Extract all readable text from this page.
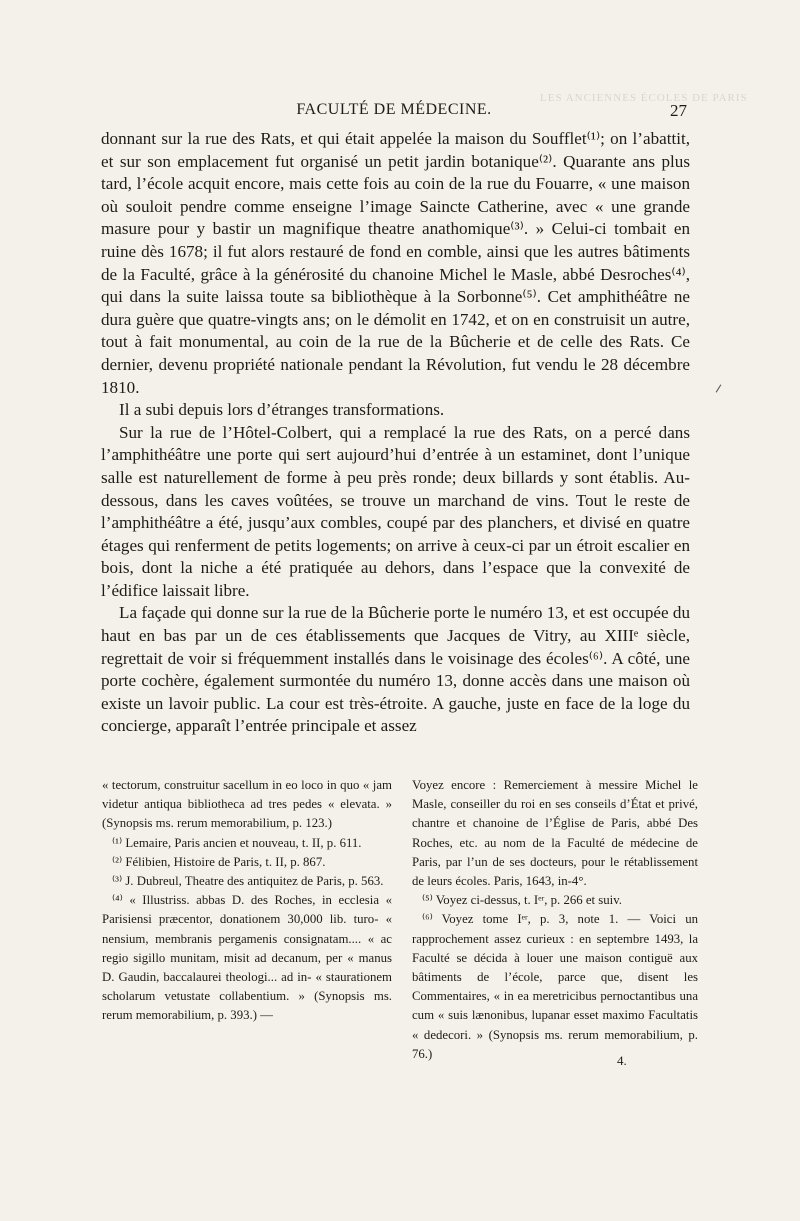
LES ANCIENNES ÉCOLES DE PARIS
FACULTÉ DE MÉDECINE.	27

donnant sur la rue des Rats, et qui était appelée la maison du Soufflet⁽¹⁾; on l’abattit, et sur son emplacement fut organisé un petit jardin botanique⁽²⁾. Quarante ans plus tard, l’école acquit encore, mais cette fois au coin de la rue du Fouarre, « une maison où souloit pendre comme enseigne l’image Saincte Catherine, avec « une grande masure pour y bastir un magnifique theatre anathomique⁽³⁾. » Celui-ci tombait en ruine dès 1678; il fut alors restauré de fond en comble, ainsi que les autres bâtiments de la Faculté, grâce à la générosité du chanoine Michel le Masle, abbé Desroches⁽⁴⁾, qui dans la suite laissa toute sa bibliothèque à la Sorbonne⁽⁵⁾. Cet amphithéâtre ne dura guère que quatre-vingts ans; on le démolit en 1742, et on en construisit un autre, tout à fait monumental, au coin de la rue de la Bûcherie et de celle des Rats. Ce dernier, devenu propriété nationale pendant la Révolution, fut vendu le 28 décembre 1810.

Il a subi depuis lors d’étranges transformations.

Sur la rue de l’Hôtel-Colbert, qui a remplacé la rue des Rats, on a percé dans l’amphithéâtre une porte qui sert aujourd’hui d’entrée à un estaminet, dont l’unique salle est naturellement de forme à peu près ronde; deux billards y sont établis. Au-dessous, dans les caves voûtées, se trouve un marchand de vins. Tout le reste de l’amphithéâtre a été, jusqu’aux combles, coupé par des planchers, et divisé en quatre étages qui renferment de petits logements; on arrive à ceux-ci par un étroit escalier en bois, dont la niche a été pratiquée au dehors, dans l’espace que la convexité de l’édifice laissait libre.

La façade qui donne sur la rue de la Bûcherie porte le numéro 13, et est occupée du haut en bas par un de ces établissements que Jacques de Vitry, au XIIIᵉ siècle, regrettait de voir si fréquemment installés dans le voisinage des écoles⁽⁶⁾. A côté, une porte cochère, également surmontée du numéro 13, donne accès dans une maison où existe un lavoir public. La cour est très-étroite. A gauche, juste en face de la loge du concierge, apparaît l’entrée principale et assez

« tectorum, construitur sacellum in eo loco in quo « jam videtur antiqua bibliotheca ad tres pedes « elevata. » (Synopsis ms. rerum memorabilium, p. 123.)

⁽¹⁾ Lemaire, Paris ancien et nouveau, t. II, p. 611.

⁽²⁾ Félibien, Histoire de Paris, t. II, p. 867.

⁽³⁾ J. Dubreul, Theatre des antiquitez de Paris, p. 563.

⁽⁴⁾ « Illustriss. abbas D. des Roches, in ecclesia « Parisiensi præcentor, donationem 30,000 lib. turo- « nensium, membranis pergamenis consignatam.... « ac regio sigillo munitam, misit ad decanum, per « manus D. Gaudin, baccalaurei theologi... ad in- « staurationem scholarum vetustate collabentium. » (Synopsis ms. rerum memorabilium, p. 393.) —

Voyez encore : Remerciement à messire Michel le Masle, conseiller du roi en ses conseils d’État et privé, chantre et chanoine de l’Église de Paris, abbé Des Roches, etc. au nom de la Faculté de médecine de Paris, par l’un de ses docteurs, pour le rétablissement de leurs écoles. Paris, 1643, in-4°.

⁽⁵⁾ Voyez ci-dessus, t. Iᵉʳ, p. 266 et suiv.

⁽⁶⁾ Voyez tome Iᵉʳ, p. 3, note 1. — Voici un rapprochement assez curieux : en septembre 1493, la Faculté se décida à louer une maison contiguë aux bâtiments de l’école, parce que, disent les Commentaires, « in ea meretricibus pernoctantibus una cum « suis lænonibus, lupanar esset maximo Facultatis « dedecori. » (Synopsis ms. rerum memorabilium, p. 76.)	4.
